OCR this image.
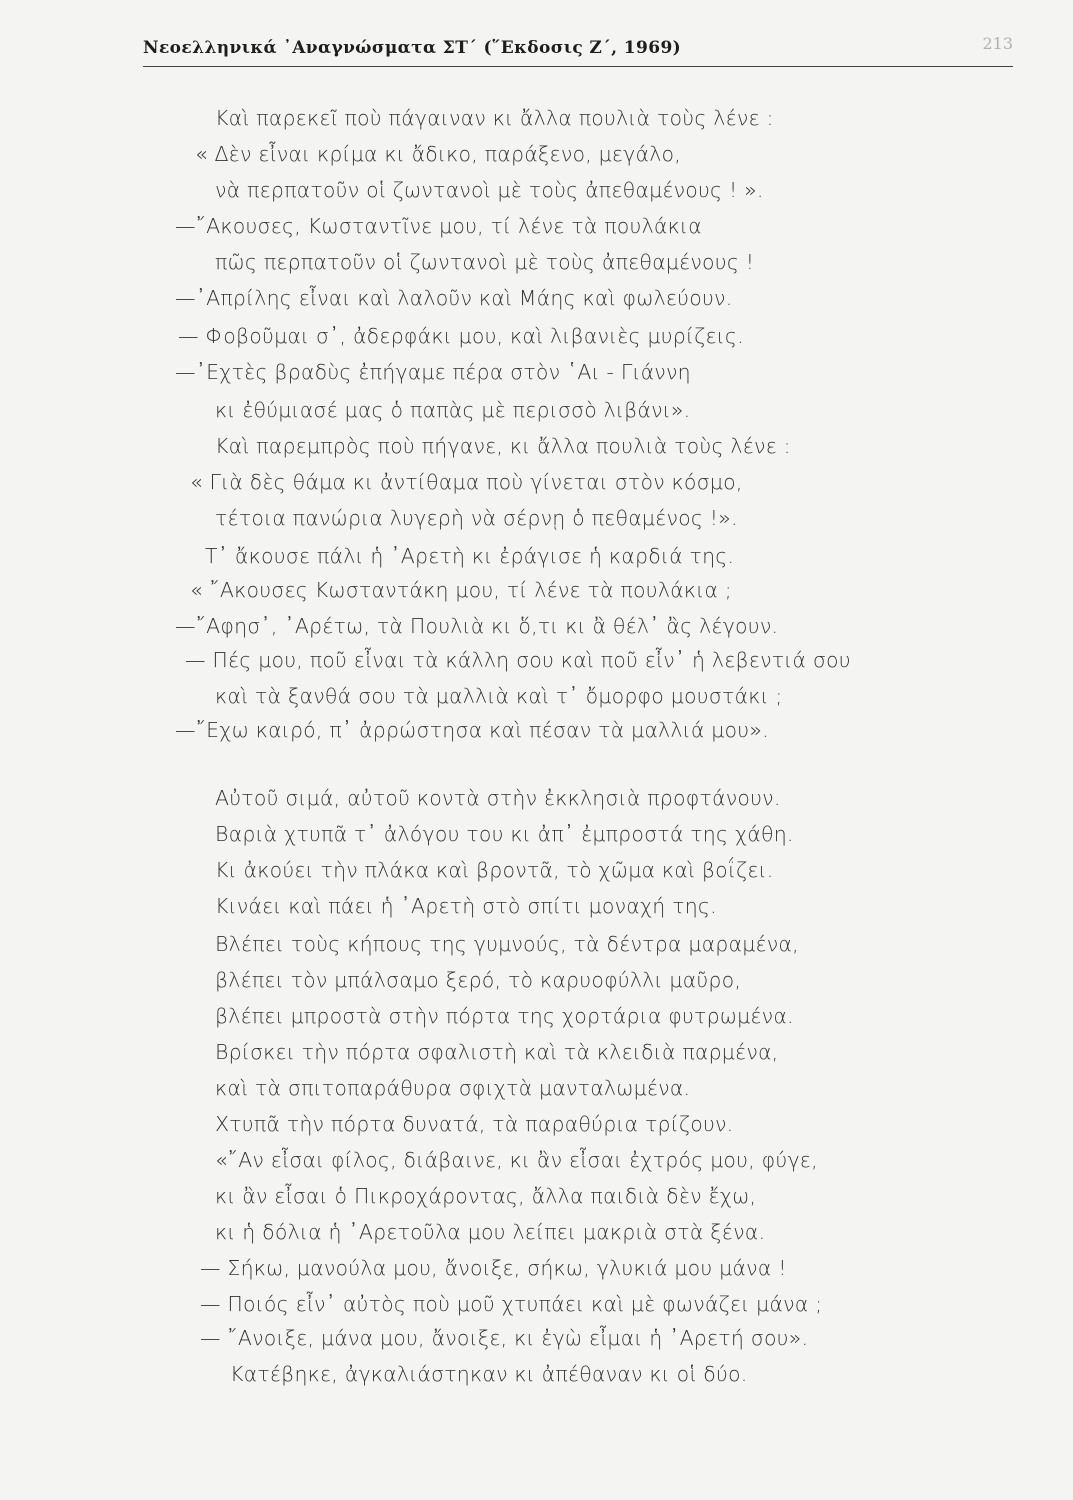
Νεοελληνικά ᾿Αναγνώσματα ΣΤ΄ (῞Εκδοσις Ζ΄, 1969)	213
Καὶ παρεκεῖ ποὺ πάγαιναν κι ἄλλα πουλιὰ τοὺς λένε :
« Δὲν εἶναι κρίμα κι ἄδικο, παράξενο, μεγάλο,
νὰ περπατοῦν οἱ ζωντανοὶ μὲ τοὺς ἀπεθαμένους ! ».
—῎Ακουσες, Κωσταντῖνε μου, τί λένε τὰ πουλάκια
πῶς περπατοῦν οἱ ζωντανοὶ μὲ τοὺς ἀπεθαμένους !
—᾿Απρίλης εἶναι καὶ λαλοῦν καὶ Μάης καὶ φωλεύουν.
— Φοβοῦμαι σ᾿, ἀδερφάκι μου, καὶ λιβανιὲς μυρίζεις.
—᾿Εχτὲς βραδὺς ἐπήγαμε πέρα στὸν ῾Αι - Γιάννη
κι ἐθύμιασέ μας ὁ παπὰς μὲ περισσὸ λιβάνι».
Καὶ παρεμπρὸς ποὺ πήγανε, κι ἄλλα πουλιὰ τοὺς λένε :
« Γιὰ δὲς θάμα κι ἀντίθαμα ποὺ γίνεται στὸν κόσμο,
τέτοια πανώρια λυγερὴ νὰ σέρνῃ ὁ πεθαμένος !».
Τ᾿ ἄκουσε πάλι ἡ ᾿Αρετὴ κι ἐράγισε ἡ καρδιά της.
« ῎Ακουσες Κωσταντάκη μου, τί λένε τὰ πουλάκια ;
—῎Αφησ᾿, ᾿Αρέτω, τὰ Πουλιὰ κι ὅ,τι κι ἂ θέλ᾿ ἂς λέγουν.
— Πές μου, ποῦ εἶναι τὰ κάλλη σου καὶ ποῦ εἶν᾿ ἡ λεβεντιά σου
καὶ τὰ ξανθά σου τὰ μαλλιὰ καὶ τ᾿ ὄμορφο μουστάκι ;
—῎Εχω καιρό, π᾿ ἀρρώστησα καὶ πέσαν τὰ μαλλιά μου».
Αὐτοῦ σιμά, αὐτοῦ κοντὰ στὴν ἐκκλησιὰ προφτάνουν.
Βαριὰ χτυπᾶ τ᾿ ἀλόγου του κι ἀπ᾿ ἐμπροστά της χάθη.
Κι ἀκούει τὴν πλάκα καὶ βροντᾶ, τὸ χῶμα καὶ βοΐζει.
Κινάει καὶ πάει ἡ ᾿Αρετὴ στὸ σπίτι μοναχή της.
Βλέπει τοὺς κήπους της γυμνούς, τὰ δέντρα μαραμένα,
βλέπει τὸν μπάλσαμο ξερό, τὸ καρυοφύλλι μαῦρο,
βλέπει μπροστὰ στὴν πόρτα της χορτάρια φυτρωμένα.
Βρίσκει τὴν πόρτα σφαλιστὴ καὶ τὰ κλειδιὰ παρμένα,
καὶ τὰ σπιτοπαράθυρα σφιχτὰ μανταλωμένα.
Χτυπᾶ τὴν πόρτα δυνατά, τὰ παραθύρια τρίζουν.
«῎Αν εἶσαι φίλος, διάβαινε, κι ἂν εἶσαι ἐχτρός μου, φύγε,
κι ἂν εἶσαι ὁ Πικροχάροντας, ἄλλα παιδιὰ δὲν ἔχω,
κι ἡ δόλια ἡ ᾿Αρετοῦλα μου λείπει μακριὰ στὰ ξένα.
— Σήκω, μανούλα μου, ἄνοιξε, σήκω, γλυκιά μου μάνα !
— Ποιός εἶν᾿ αὐτὸς ποὺ μοῦ χτυπάει καὶ μὲ φωνάζει μάνα ;
— ῎Ανοιξε, μάνα μου, ἄνοιξε, κι ἐγὼ εἶμαι ἡ ᾿Αρετή σου».
Κατέβηκε, ἀγκαλιάστηκαν κι ἀπέθαναν κι οἱ δύο.
